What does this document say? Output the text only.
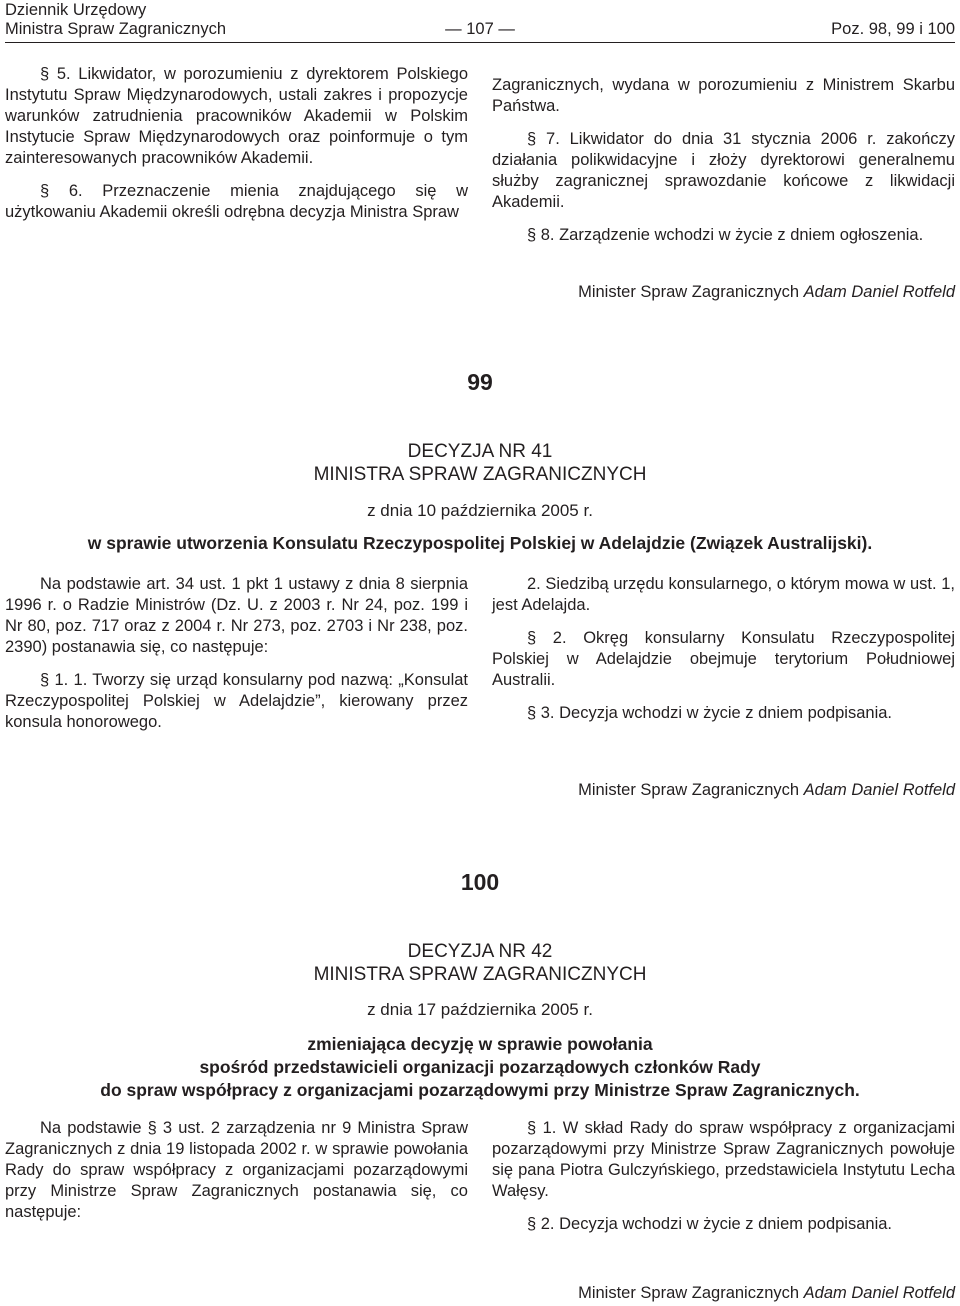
Dziennik Urzędowy
Ministra Spraw Zagranicznych	— 107 —	Poz. 98, 99 i 100

§ 5. Likwidator, w porozumieniu z dyrektorem Polskiego Instytutu Spraw Międzynarodowych, ustali zakres i propozycje warunków zatrudnienia pracowników Akademii w Polskim Instytucie Spraw Międzynarodowych oraz poinformuje o tym zainteresowanych pracowników Akademii.

§ 6. Przeznaczenie mienia znajdującego się w użytkowaniu Akademii określi odrębna decyzja Ministra Spraw

Zagranicznych, wydana w porozumieniu z Ministrem Skarbu Państwa.

§ 7. Likwidator do dnia 31 stycznia 2006 r. zakończy działania polikwidacyjne i złoży dyrektorowi generalnemu służby zagranicznej sprawozdanie końcowe z likwidacji Akademii.

§ 8. Zarządzenie wchodzi w życie z dniem ogłoszenia.

Minister Spraw Zagranicznych Adam Daniel Rotfeld
99
DECYZJA NR 41
MINISTRA SPRAW ZAGRANICZNYCH
z dnia 10 października 2005 r.
w sprawie utworzenia Konsulatu Rzeczypospolitej Polskiej w Adelajdzie (Związek Australijski).

Na podstawie art. 34 ust. 1 pkt 1 ustawy z dnia 8 sierpnia 1996 r. o Radzie Ministrów (Dz. U. z 2003 r. Nr 24, poz. 199 i Nr 80, poz. 717 oraz z 2004 r. Nr 273, poz. 2703 i Nr 238, poz. 2390) postanawia się, co następuje:

§ 1. 1. Tworzy się urząd konsularny pod nazwą: „Konsulat Rzeczypospolitej Polskiej w Adelajdzie”, kierowany przez konsula honorowego.

2. Siedzibą urzędu konsularnego, o którym mowa w ust. 1, jest Adelajda.

§ 2. Okręg konsularny Konsulatu Rzeczypospolitej Polskiej w Adelajdzie obejmuje terytorium Południowej Australii.

§ 3. Decyzja wchodzi w życie z dniem podpisania.

Minister Spraw Zagranicznych Adam Daniel Rotfeld
100
DECYZJA NR 42
MINISTRA SPRAW ZAGRANICZNYCH
z dnia 17 października 2005 r.
zmieniająca decyzję w sprawie powołania
spośród przedstawicieli organizacji pozarządowych członków Rady
do spraw współpracy z organizacjami pozarządowymi przy Ministrze Spraw Zagranicznych.

Na podstawie § 3 ust. 2 zarządzenia nr 9 Ministra Spraw Zagranicznych z dnia 19 listopada 2002 r. w sprawie powołania Rady do spraw współpracy z organizacjami pozarządowymi przy Ministrze Spraw Zagranicznych postanawia się, co następuje:

§ 1. W skład Rady do spraw współpracy z organizacjami pozarządowymi przy Ministrze Spraw Zagranicznych powołuje się pana Piotra Gulczyńskiego, przedstawiciela Instytutu Lecha Wałęsy.

§ 2. Decyzja wchodzi w życie z dniem podpisania.

Minister Spraw Zagranicznych Adam Daniel Rotfeld
